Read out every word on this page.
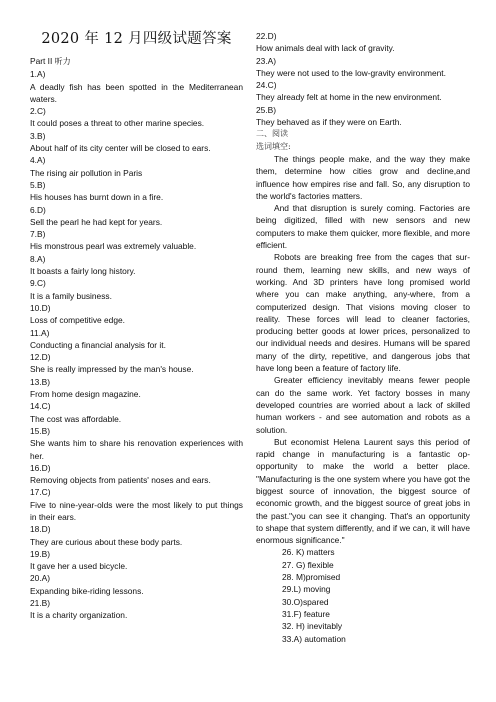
2020 年 12 月四级试题答案
Part II 听力
1.A)
A deadly fish has been spotted in the Mediterranean waters.
2.C)
It could poses a threat to other marine species.
3.B)
About half of its city center will be closed to ears.
4.A)
The rising air pollution in Paris
5.B)
His houses has burnt down in a fire.
6.D)
Sell the pearl he had kept for years.
7.B)
His monstrous pearl was extremely valuable.
8.A)
It boasts a fairly long history.
9.C)
It is a family business.
10.D)
Loss of competitive edge.
11.A)
Conducting a financial analysis for it.
12.D)
She is really impressed by the man's house.
13.B)
From home design magazine.
14.C)
The cost was affordable.
15.B)
She wants him to share his renovation experiences with her.
16.D)
Removing objects from patients' noses and ears.
17.C)
Five to nine-year-olds were the most likely to put things in their ears.
18.D)
They are curious about these body parts.
19.B)
It gave her a used bicycle.
20.A)
Expanding bike-riding lessons.
21.B)
It is a charity organization.
22.D)
How animals deal with lack of gravity.
23.A)
They were not used to the low-gravity environment.
24.C)
They already felt at home in the new environment.
25.B)
They behaved as if they were on Earth.
二、阅读
选词填空:
The things people make, and the way they make them, determine how cities grow and decline,and influence how empires rise and fall. So, any disruption to the world's factories matters.
And that disruption is surely coming. Factories are being digitized, filled with new sensors and new computers to make them quicker, more flexible, and more efficient.
Robots are breaking free from the cages that sur-round them, learning new skills, and new ways of working. And 3D printers have long promised world where you can make anything, any-where, from a computerized design. That visions moving closer to reality. These forces will lead to cleaner factories, producing better goods at lower prices, personalized to our individual needs and desires. Humans will be spared many of the dirty, repetitive, and dangerous jobs that have long been a feature of factory life.
Greater efficiency inevitably means fewer people can do the same work. Yet factory bosses in many developed countries are worried about a lack of skilled human workers - and see automation and robots as a solution.
But economist Helena Laurent says this period of rapid change in manufacturing is a fantastic op-opportunity to make the world a better place. "Manufacturing is the one system where you have got the biggest source of innovation, the biggest source of economic growth, and the biggest source of great jobs in the past."you can see it changing. That's an opportunity to shape that system differently, and if we can, it will have enormous significance."
26. K) matters
27. G) flexible
28. M)promised
29.L) moving
30.O)spared
31.F) feature
32. H) inevitably
33.A) automation
